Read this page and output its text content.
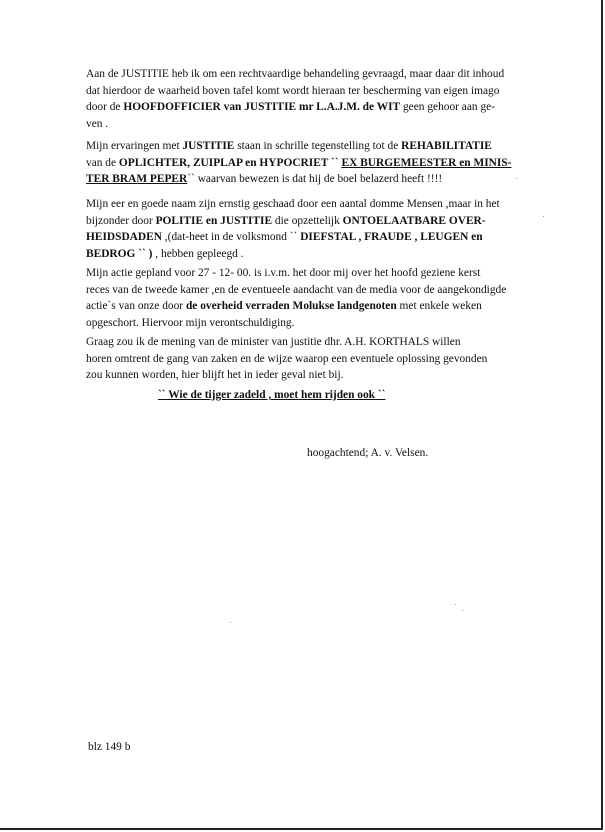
Aan de JUSTITIE heb ik om een rechtvaardige behandeling gevraagd, maar daar dit inhoud
dat hierdoor de waarheid boven tafel komt wordt hieraan ter bescherming van eigen imago
door de HOOFDOFFICIER van JUSTITIE mr L.A.J.M. de WIT geen gehoor aan ge-
ven .
Mijn ervaringen met JUSTITIE staan in schrille tegenstelling tot de REHABILITATIE
van de OPLICHTER, ZUIPLAP en HYPOCRIET `` EX BURGEMEESTER en MINIS-
TER BRAM PEPER`` waarvan bewezen is dat hij de boel belazerd heeft !!!!
Mijn eer en goede naam zijn ernstig geschaad door een aantal domme Mensen ,maar in het
bijzonder door POLITIE en JUSTITIE die opzettelijk ONTOELAATBARE OVER-
HEIDSDADEN ,(dat-heet in de volksmond `` DIEFSTAL , FRAUDE , LEUGEN en
BEDROG `` ) , hebben gepleegd .
Mijn actie gepland voor 27 - 12- 00. is i.v.m. het door mij over het hoofd geziene kerst
reces van de tweede kamer ,en de eventueele aandacht van de media voor de aangekondigde
actie`s van onze door de overheid verraden Molukse landgenoten met enkele weken
opgeschort. Hiervoor mijn verontschuldiging.
Graag zou ik de mening van de minister van justitie dhr. A.H. KORTHALS willen
horen omtrent de gang van zaken en de wijze waarop een eventuele oplossing gevonden
zou kunnen worden, hier blijft het in ieder geval niet bij.
`` Wie de tijger zadeld , moet hem rijden ook ``
hoogachtend; A. v. Velsen.
blz 149 b
